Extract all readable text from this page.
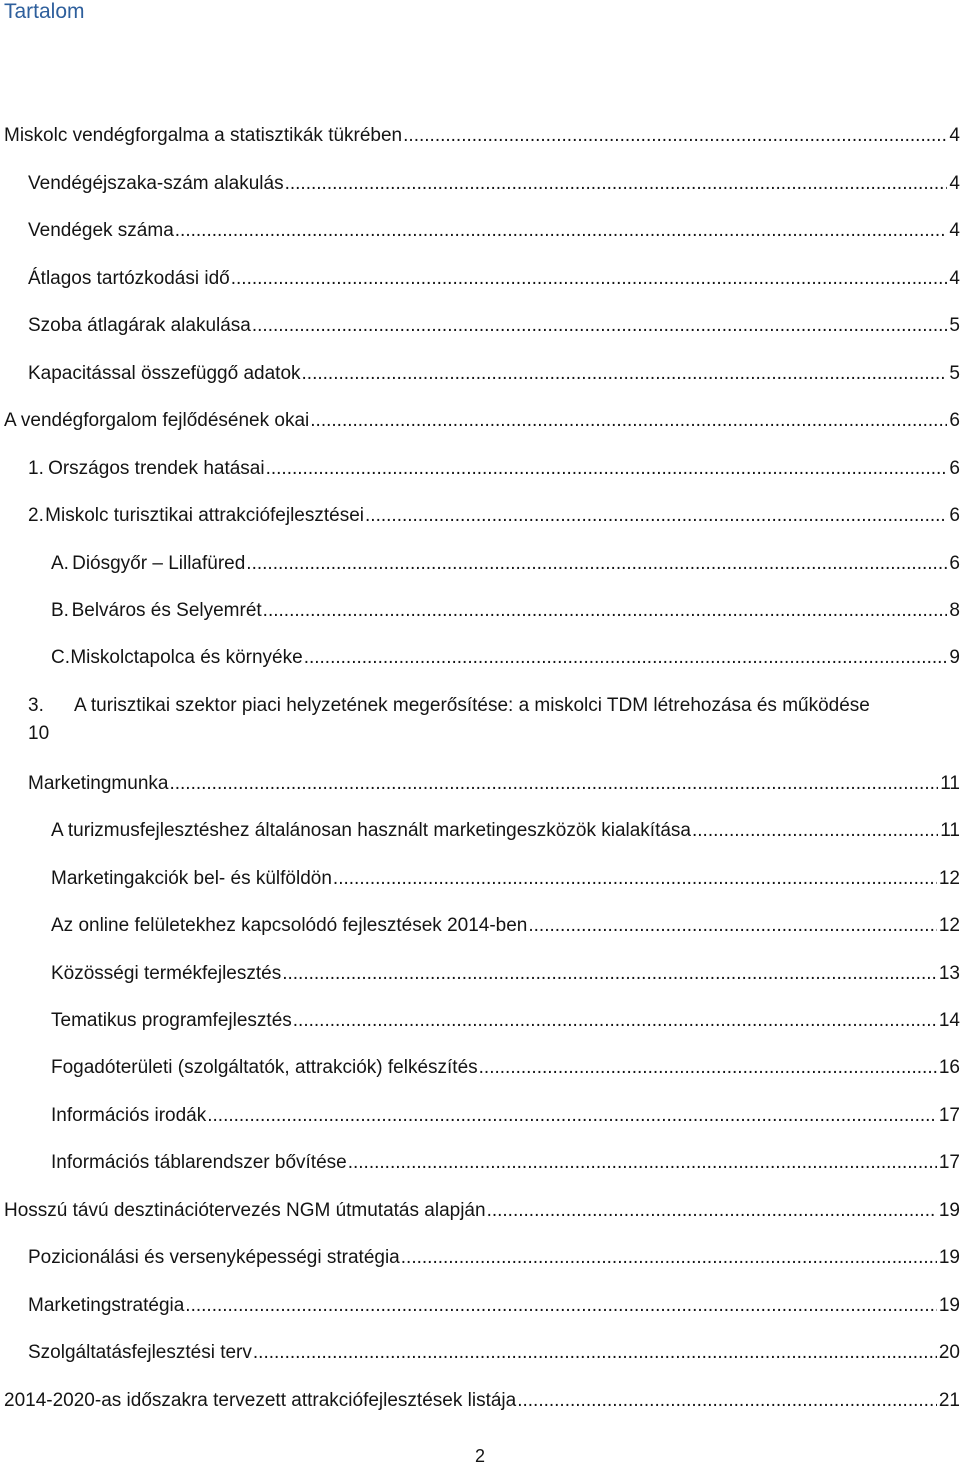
Tartalom
Miskolc vendégforgalma a statisztikák tükrében .....	4
Vendégéjszaka-szám alakulás .....	4
Vendégek száma .....	4
Átlagos tartózkodási idő .....	4
Szoba átlagárak alakulása .....	5
Kapacitással összefüggő adatok .....	5
A vendégforgalom fejlődésének okai .....	6
1. Országos trendek hatásai .....	6
2. Miskolc turisztikai attrakciófejlesztései .....	6
A. Diósgyőr – Lillafüred .....	6
B. Belváros és Selyemrét .....	8
C. Miskolctapolca és környéke .....	9
3. A turisztikai szektor piaci helyzetének megerősítése: a miskolci TDM létrehozása és működése
10
Marketingmunka .....	11
A turizmusfejlesztéshez általánosan használt marketingeszközök kialakítása .....	11
Marketingakciók bel- és külföldön .....	12
Az online felületekhez kapcsolódó fejlesztések 2014-ben .....	12
Közösségi termékfejlesztés .....	13
Tematikus programfejlesztés .....	14
Fogadóterületi (szolgáltatók, attrakciók) felkészítés .....	16
Információs irodák .....	17
Információs táblarendszer bővítése .....	17
Hosszú távú desztinációtervezés NGM útmutatás alapján .....	19
Pozicionálási és versenyképességi stratégia .....	19
Marketingstratégia .....	19
Szolgáltatásfejlesztési terv .....	20
2014-2020-as időszakra tervezett attrakciófejlesztések listája .....	21
2
